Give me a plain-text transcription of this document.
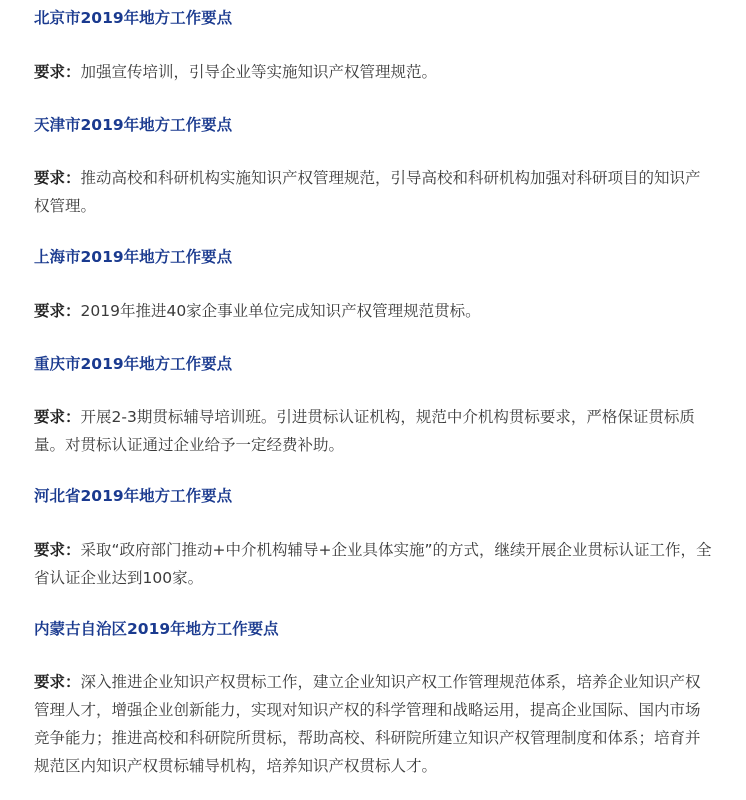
北京市2019年地方工作要点

要求：加强宣传培训，引导企业等实施知识产权管理规范。

天津市2019年地方工作要点

要求：推动高校和科研机构实施知识产权管理规范，引导高校和科研机构加强对科研项目的知识产权管理。

上海市2019年地方工作要点

要求：2019年推进40家企事业单位完成知识产权管理规范贯标。

重庆市2019年地方工作要点

要求：开展2-3期贯标辅导培训班。引进贯标认证机构，规范中介机构贯标要求，严格保证贯标质量。对贯标认证通过企业给予一定经费补助。

河北省2019年地方工作要点

要求：采取“政府部门推动+中介机构辅导+企业具体实施”的方式，继续开展企业贯标认证工作，全省认证企业达到100家。

内蒙古自治区2019年地方工作要点

要求：深入推进企业知识产权贯标工作，建立企业知识产权工作管理规范体系，培养企业知识产权管理人才，增强企业创新能力，实现对知识产权的科学管理和战略运用，提高企业国际、国内市场竞争能力；推进高校和科研院所贯标，帮助高校、科研院所建立知识产权管理制度和体系；培育并规范区内知识产权贯标辅导机构，培养知识产权贯标人才。
